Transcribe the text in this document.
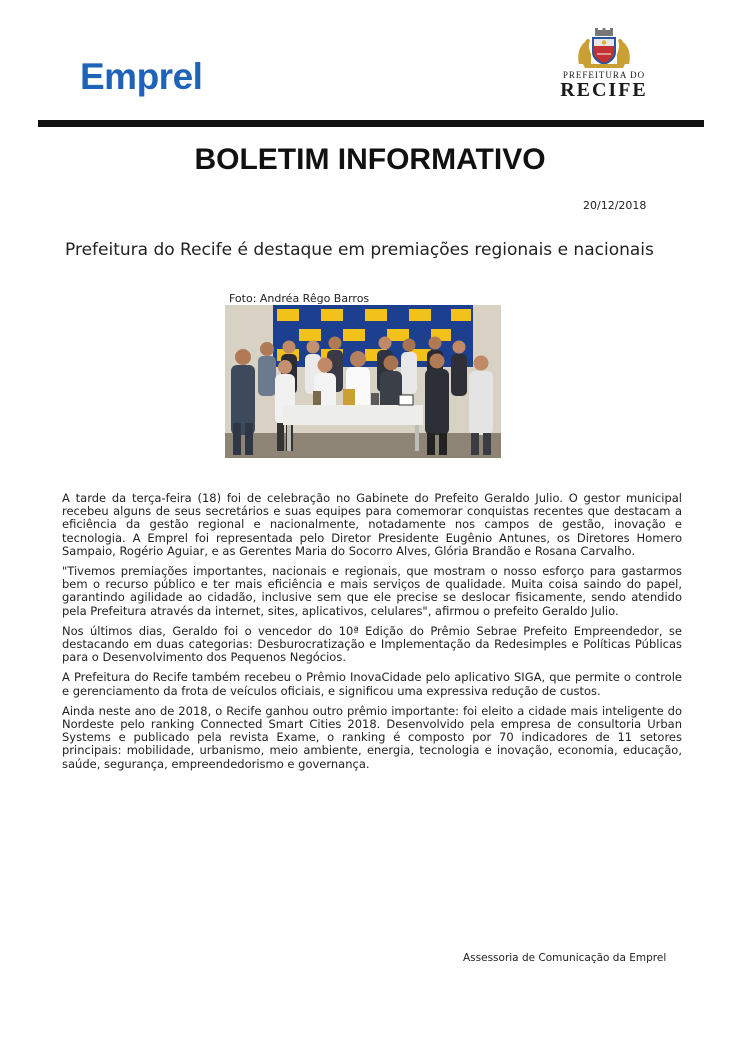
Emprel	PREFEITURA DO
RECIFE
BOLETIM INFORMATIVO
20/12/2018
Prefeitura do Recife é destaque em premiações regionais e nacionais
Foto: Andréa Rêgo Barros

A tarde da terça-feira (18) foi de celebração no Gabinete do Prefeito Geraldo Julio. O gestor municipal recebeu alguns de seus secretários e suas equipes para comemorar conquistas recentes que destacam a eficiência da gestão regional e nacionalmente, notadamente nos campos de gestão, inovação e tecnologia. A Emprel foi representada pelo Diretor Presidente Eugênio Antunes, os Diretores Homero Sampaio, Rogério Aguiar, e as Gerentes Maria do Socorro Alves, Glória Brandão e Rosana Carvalho.

"Tivemos premiações importantes, nacionais e regionais, que mostram o nosso esforço para gastarmos bem o recurso público e ter mais eficiência e mais serviços de qualidade. Muita coisa saindo do papel, garantindo agilidade ao cidadão, inclusive sem que ele precise se deslocar fisicamente, sendo atendido pela Prefeitura através da internet, sites, aplicativos, celulares", afirmou o prefeito Geraldo Julio.

Nos últimos dias, Geraldo foi o vencedor do 10ª Edição do Prêmio Sebrae Prefeito Empreendedor, se destacando em duas categorias: Desburocratização e Implementação da Redesimples e Políticas Públicas para o Desenvolvimento dos Pequenos Negócios.

A Prefeitura do Recife também recebeu o Prêmio InovaCidade pelo aplicativo SIGA, que permite o controle e gerenciamento da frota de veículos oficiais, e significou uma expressiva redução de custos.

Ainda neste ano de 2018, o Recife ganhou outro prêmio importante: foi eleito a cidade mais inteligente do Nordeste pelo ranking Connected Smart Cities 2018. Desenvolvido pela empresa de consultoria Urban Systems e publicado pela revista Exame, o ranking é composto por 70 indicadores de 11 setores principais: mobilidade, urbanismo, meio ambiente, energia, tecnologia e inovação, economia, educação, saúde, segurança, empreendedorismo e governança.

Assessoria de Comunicação da Emprel
